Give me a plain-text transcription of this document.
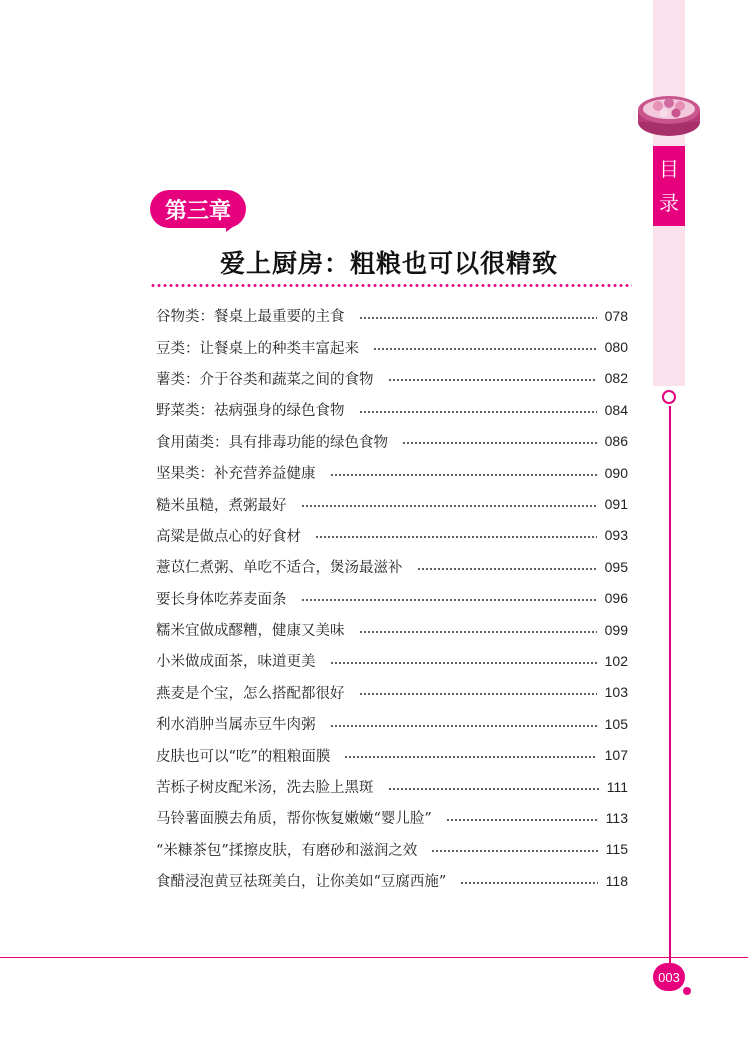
目
录
第三章
爱上厨房：粗粮也可以很精致
谷物类：餐桌上最重要的主食	078
豆类：让餐桌上的种类丰富起来	080
薯类：介于谷类和蔬菜之间的食物	082
野菜类：祛病强身的绿色食物	084
食用菌类：具有排毒功能的绿色食物	086
坚果类：补充营养益健康	090
糙米虽糙，煮粥最好	091
高粱是做点心的好食材	093
薏苡仁煮粥、单吃不适合，煲汤最滋补	095
要长身体吃荞麦面条	096
糯米宜做成醪糟，健康又美味	099
小米做成面茶，味道更美	102
燕麦是个宝，怎么搭配都很好	103
利水消肿当属赤豆牛肉粥	105
皮肤也可以“吃”的粗粮面膜	107
苦栎子树皮配米汤，洗去脸上黑斑	111
马铃薯面膜去角质，帮你恢复嫩嫩“婴儿脸”	113
“米糠茶包”揉擦皮肤，有磨砂和滋润之效	115
食醋浸泡黄豆祛斑美白，让你美如“豆腐西施”	118
003
